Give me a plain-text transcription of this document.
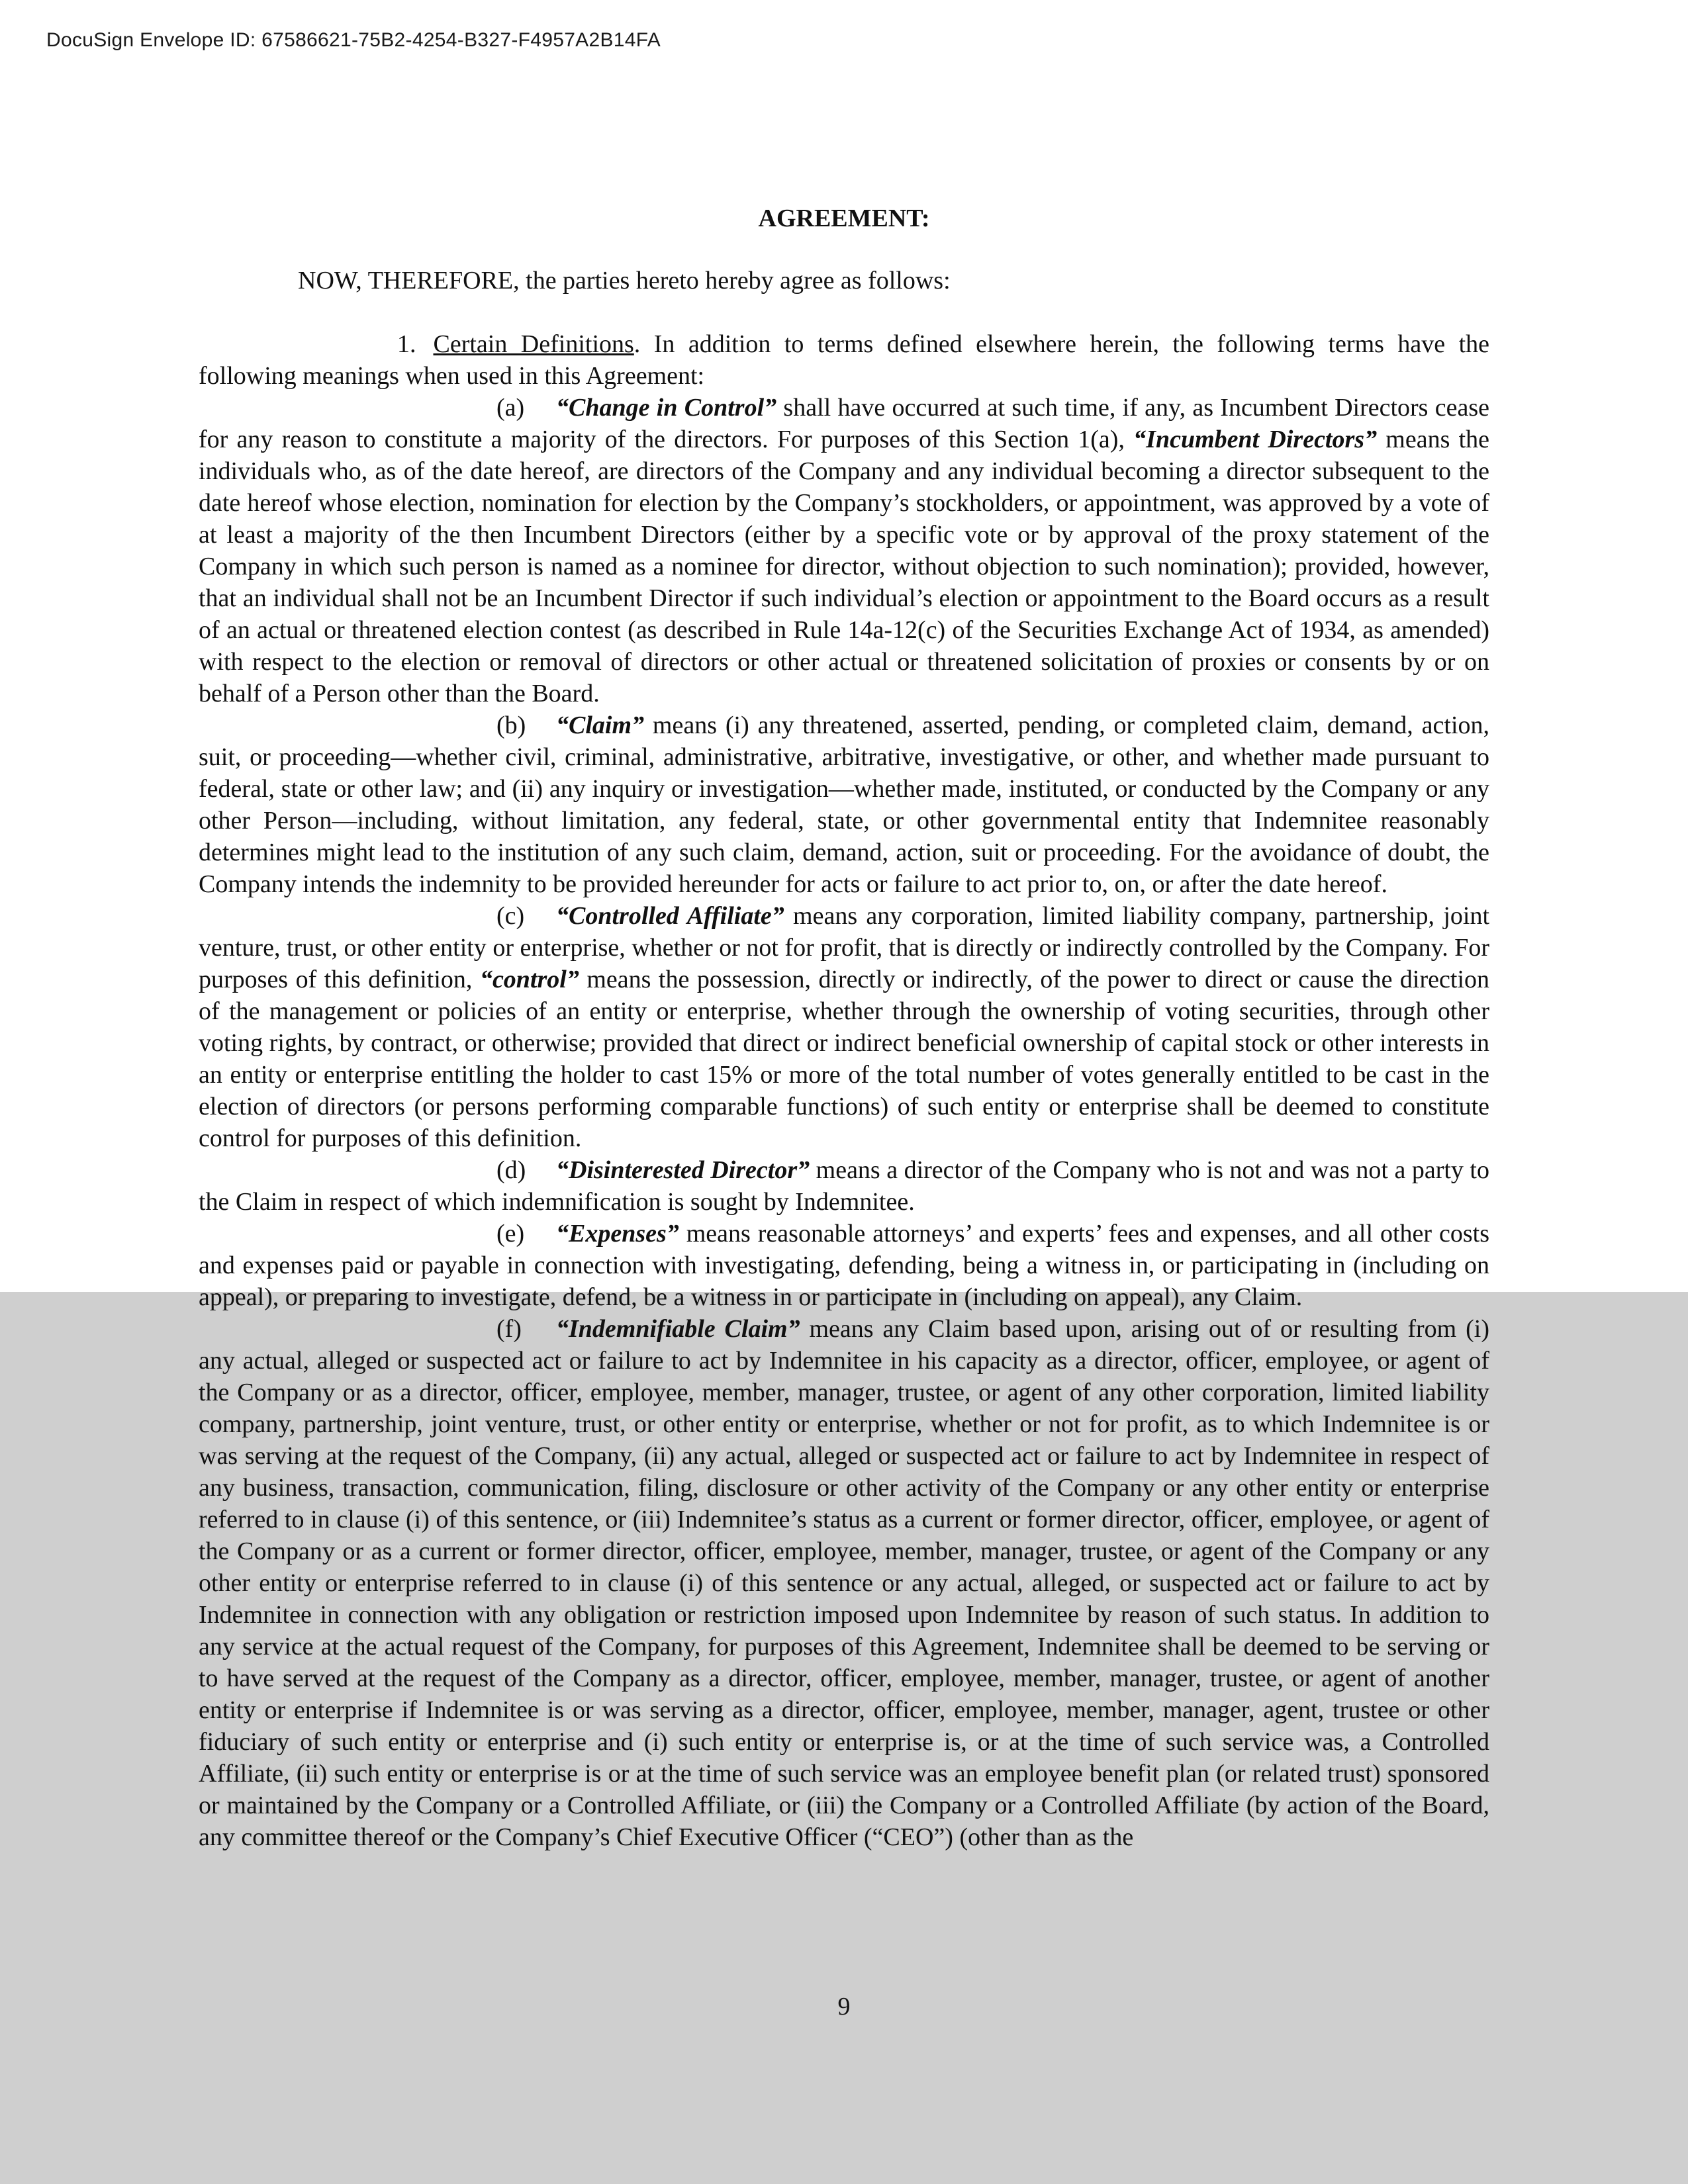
DocuSign Envelope ID: 67586621-75B2-4254-B327-F4957A2B14FA
AGREEMENT:
NOW, THEREFORE, the parties hereto hereby agree as follows:

1. Certain Definitions. In addition to terms defined elsewhere herein, the following terms have the following meanings when used in this Agreement:

(a) “Change in Control” shall have occurred at such time, if any, as Incumbent Directors cease for any reason to constitute a majority of the directors. For purposes of this Section 1(a), “Incumbent Directors” means the individuals who, as of the date hereof, are directors of the Company and any individual becoming a director subsequent to the date hereof whose election, nomination for election by the Company’s stockholders, or appointment, was approved by a vote of at least a majority of the then Incumbent Directors (either by a specific vote or by approval of the proxy statement of the Company in which such person is named as a nominee for director, without objection to such nomination); provided, however, that an individual shall not be an Incumbent Director if such individual’s election or appointment to the Board occurs as a result of an actual or threatened election contest (as described in Rule 14a-12(c) of the Securities Exchange Act of 1934, as amended) with respect to the election or removal of directors or other actual or threatened solicitation of proxies or consents by or on behalf of a Person other than the Board.

(b) “Claim” means (i) any threatened, asserted, pending, or completed claim, demand, action, suit, or proceeding—whether civil, criminal, administrative, arbitrative, investigative, or other, and whether made pursuant to federal, state or other law; and (ii) any inquiry or investigation—whether made, instituted, or conducted by the Company or any other Person—including, without limitation, any federal, state, or other governmental entity that Indemnitee reasonably determines might lead to the institution of any such claim, demand, action, suit or proceeding. For the avoidance of doubt, the Company intends the indemnity to be provided hereunder for acts or failure to act prior to, on, or after the date hereof.

(c) “Controlled Affiliate” means any corporation, limited liability company, partnership, joint venture, trust, or other entity or enterprise, whether or not for profit, that is directly or indirectly controlled by the Company. For purposes of this definition, “control” means the possession, directly or indirectly, of the power to direct or cause the direction of the management or policies of an entity or enterprise, whether through the ownership of voting securities, through other voting rights, by contract, or otherwise; provided that direct or indirect beneficial ownership of capital stock or other interests in an entity or enterprise entitling the holder to cast 15% or more of the total number of votes generally entitled to be cast in the election of directors (or persons performing comparable functions) of such entity or enterprise shall be deemed to constitute control for purposes of this definition.

(d) “Disinterested Director” means a director of the Company who is not and was not a party to the Claim in respect of which indemnification is sought by Indemnitee.

(e) “Expenses” means reasonable attorneys’ and experts’ fees and expenses, and all other costs and expenses paid or payable in connection with investigating, defending, being a witness in, or participating in (including on appeal), or preparing to investigate, defend, be a witness in or participate in (including on appeal), any Claim.

(f) “Indemnifiable Claim” means any Claim based upon, arising out of or resulting from (i) any actual, alleged or suspected act or failure to act by Indemnitee in his capacity as a director, officer, employee, or agent of the Company or as a director, officer, employee, member, manager, trustee, or agent of any other corporation, limited liability company, partnership, joint venture, trust, or other entity or enterprise, whether or not for profit, as to which Indemnitee is or was serving at the request of the Company, (ii) any actual, alleged or suspected act or failure to act by Indemnitee in respect of any business, transaction, communication, filing, disclosure or other activity of the Company or any other entity or enterprise referred to in clause (i) of this sentence, or (iii) Indemnitee’s status as a current or former director, officer, employee, or agent of the Company or as a current or former director, officer, employee, member, manager, trustee, or agent of the Company or any other entity or enterprise referred to in clause (i) of this sentence or any actual, alleged, or suspected act or failure to act by Indemnitee in connection with any obligation or restriction imposed upon Indemnitee by reason of such status. In addition to any service at the actual request of the Company, for purposes of this Agreement, Indemnitee shall be deemed to be serving or to have served at the request of the Company as a director, officer, employee, member, manager, trustee, or agent of another entity or enterprise if Indemnitee is or was serving as a director, officer, employee, member, manager, agent, trustee or other fiduciary of such entity or enterprise and (i) such entity or enterprise is, or at the time of such service was, a Controlled Affiliate, (ii) such entity or enterprise is or at the time of such service was an employee benefit plan (or related trust) sponsored or maintained by the Company or a Controlled Affiliate, or (iii) the Company or a Controlled Affiliate (by action of the Board, any committee thereof or the Company’s Chief Executive Officer (“CEO”) (other than as the

9
